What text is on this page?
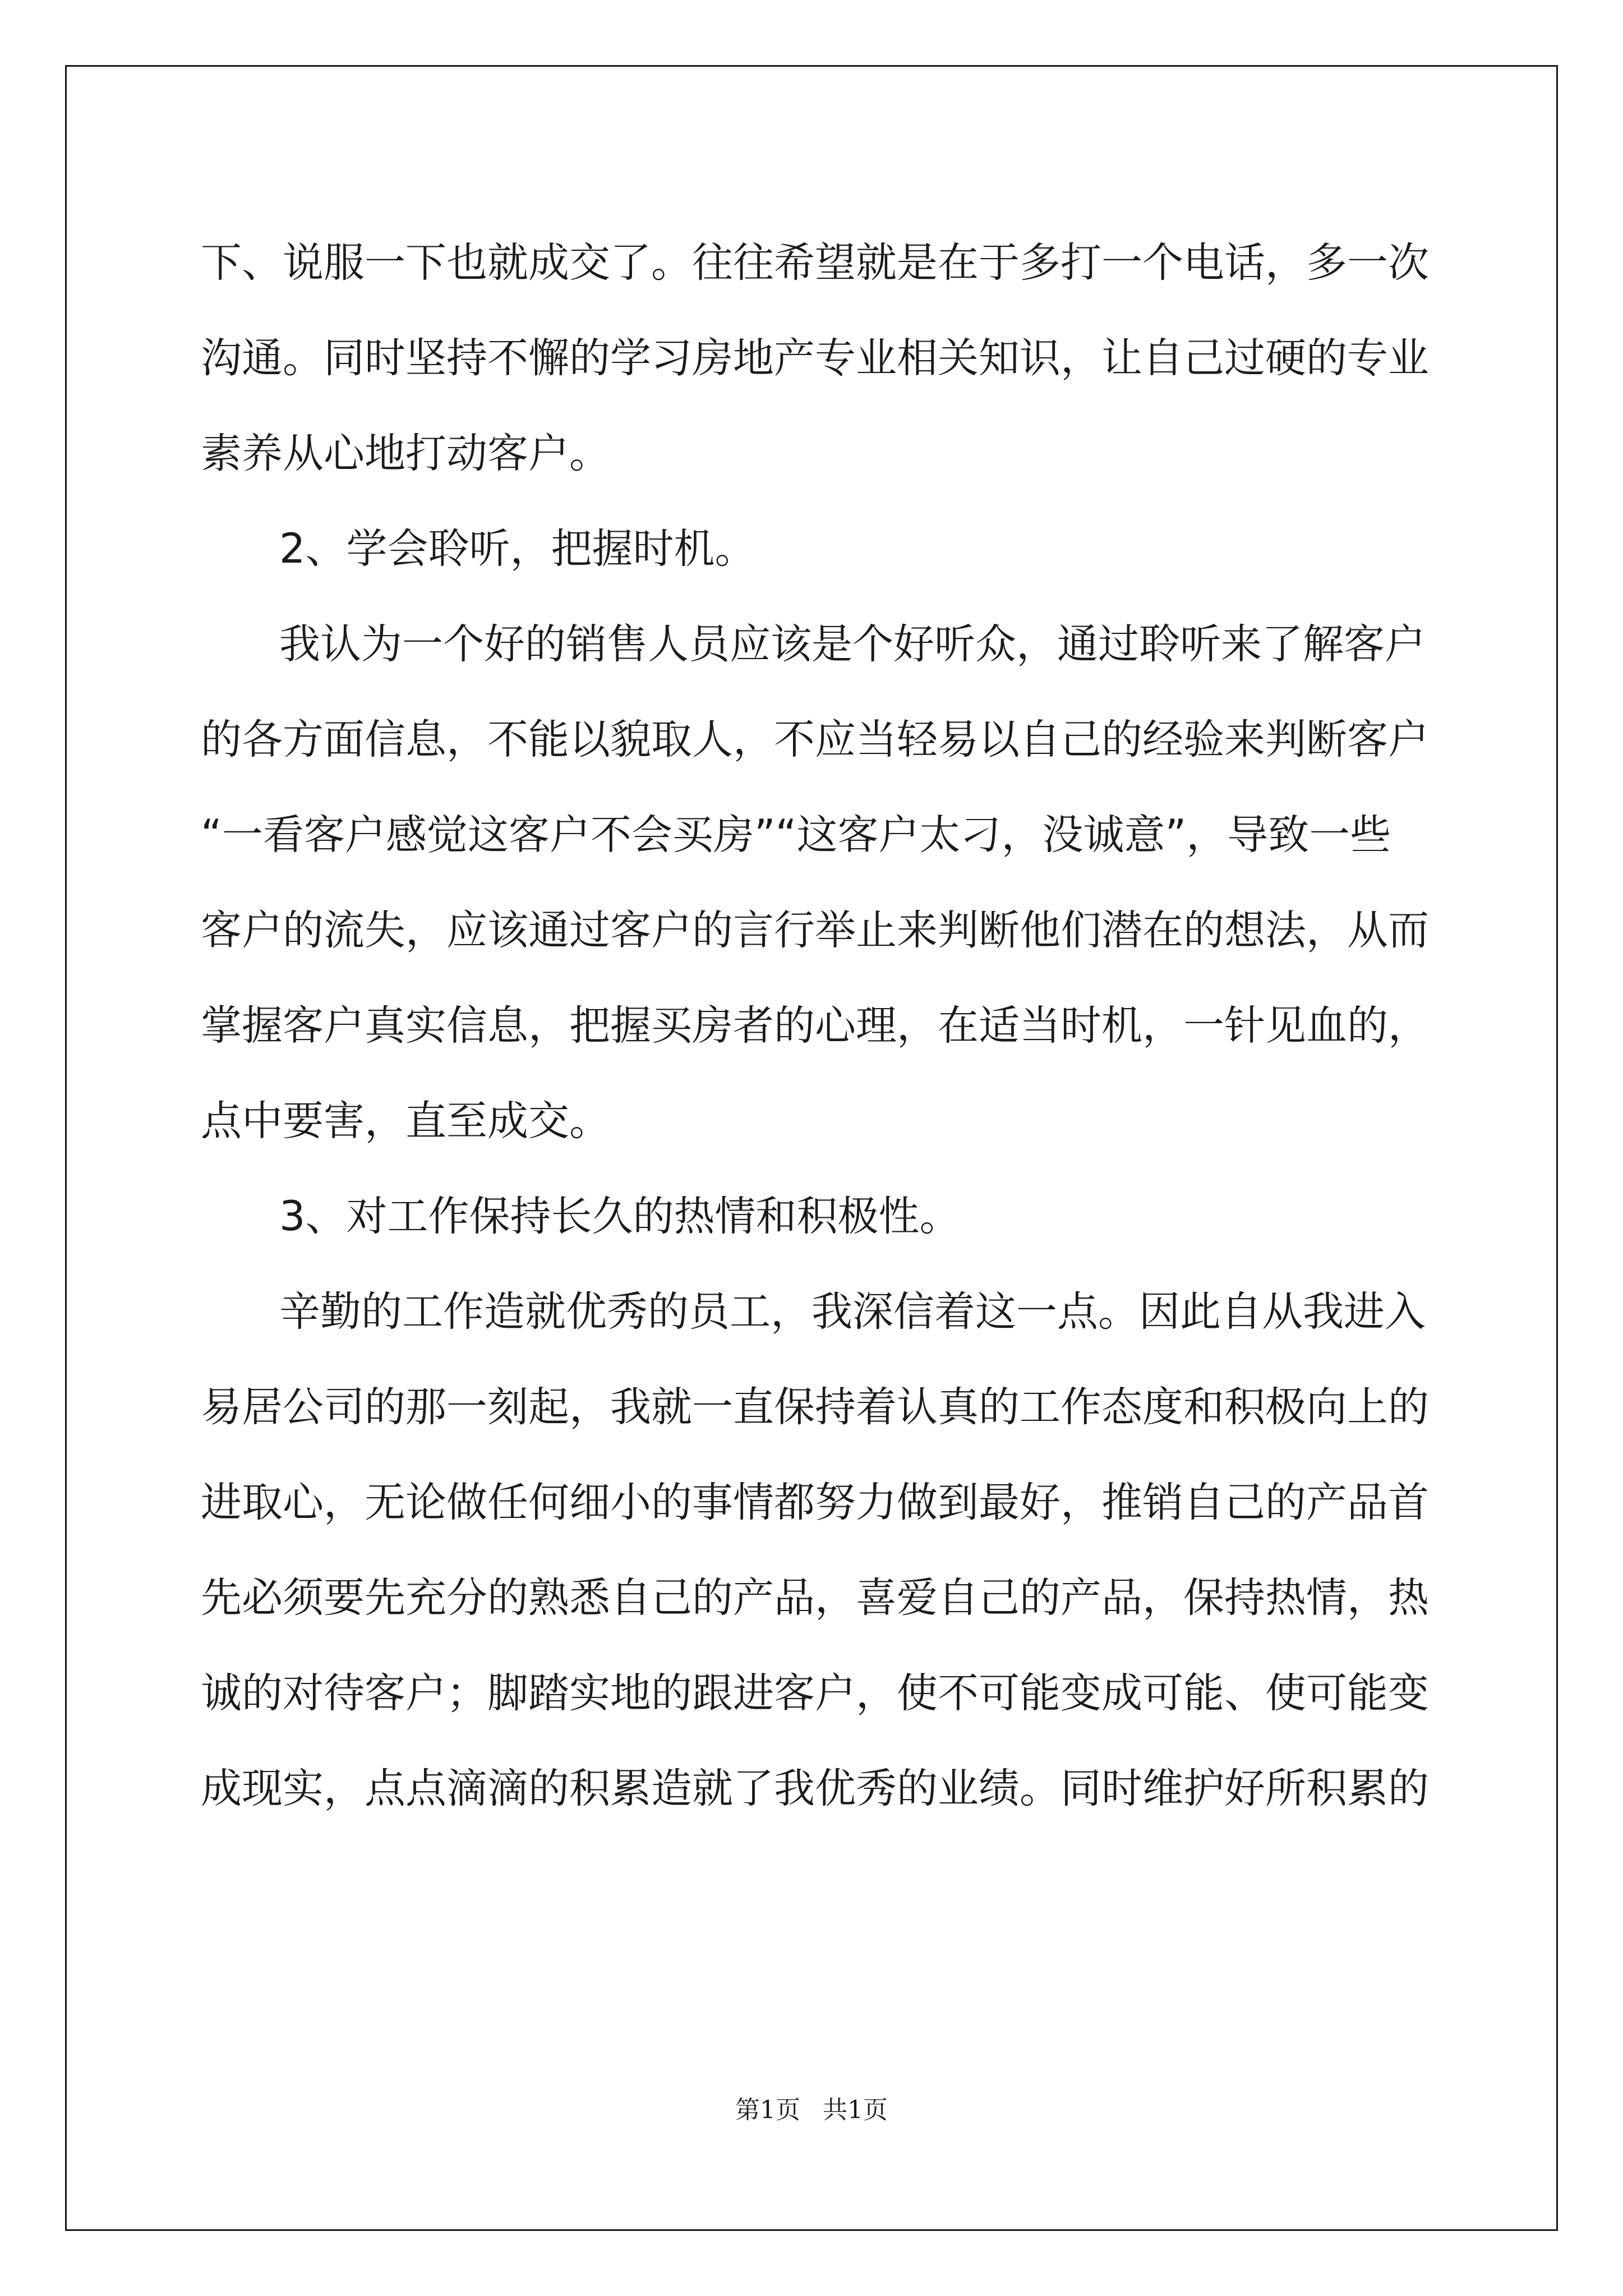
下、说服一下也就成交了。往往希望就是在于多打一个电话，多一次
沟通。同时坚持不懈的学习房地产专业相关知识，让自己过硬的专业
素养从心地打动客户。
2、学会聆听，把握时机。
我认为一个好的销售人员应该是个好听众，通过聆听来了解客户
的各方面信息，不能以貌取人，不应当轻易以自己的经验来判断客户
“一看客户感觉这客户不会买房”“这客户太刁，没诚意”，导致一些
客户的流失，应该通过客户的言行举止来判断他们潜在的想法，从而
掌握客户真实信息，把握买房者的心理，在适当时机，一针见血的，
点中要害，直至成交。
3、对工作保持长久的热情和积极性。
辛勤的工作造就优秀的员工，我深信着这一点。因此自从我进入
易居公司的那一刻起，我就一直保持着认真的工作态度和积极向上的
进取心，无论做任何细小的事情都努力做到最好，推销自己的产品首
先必须要先充分的熟悉自己的产品，喜爱自己的产品，保持热情，热
诚的对待客户；脚踏实地的跟进客户，使不可能变成可能、使可能变
成现实，点点滴滴的积累造就了我优秀的业绩。同时维护好所积累的
第1页 共1页
